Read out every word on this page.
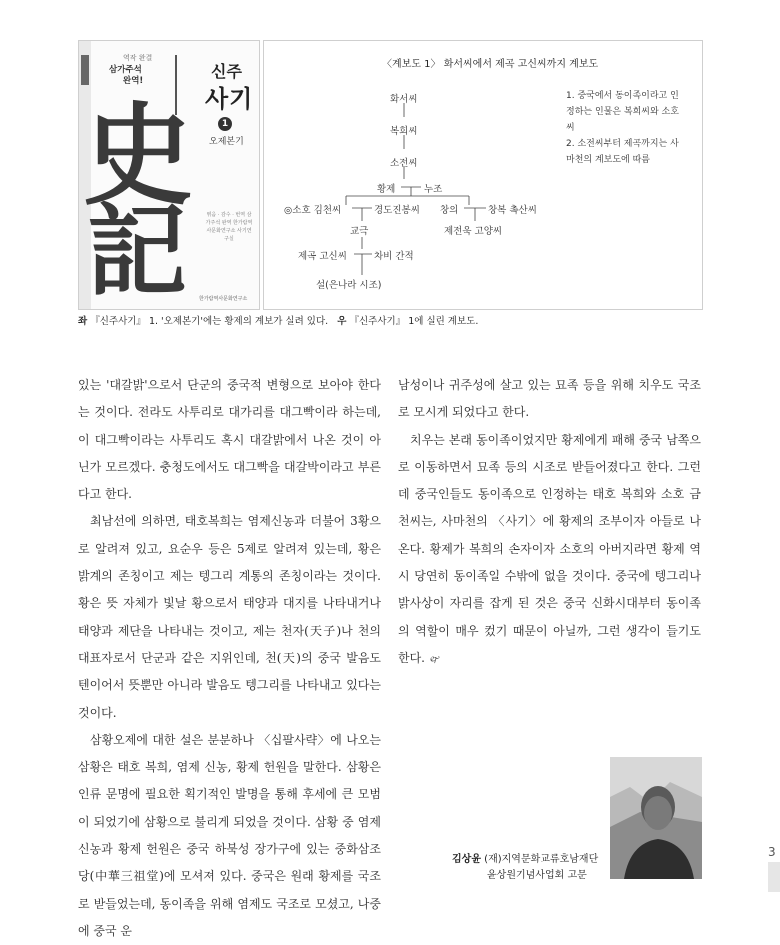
역작 완결
삼가주석
완역!	신주
사기
1
오제본기
史
記	엮음 · 감수 · 번역 삼가주석 완역 한가람역사문화연구소 사기연구실
한가람역사문화연구소
〈계보도 1〉 화서씨에서 제곡 고신씨까지 계보도
화서씨
복희씨
소전씨
황제	누조
◎소호 김천씨	경도진봉씨 창의	창복 촉산씨
교극	제전욱 고양씨
제곡 고신씨	차비 간적
설(은나라 시조)
1. 중국에서 동이족이라고 인정하는 인물은 복희씨와 소호씨
2. 소전씨부터 제곡까지는 사마천의 계보도에 따름
좌 『신주사기』 1. '오제본기'에는 황제의 계보가 실려 있다. 우 『신주사기』 1에 실린 계보도.

있는 '대갈밝'으로서 단군의 중국적 변형으로 보아야 한다는 것이다. 전라도 사투리로 대가리를 대그빡이라 하는데, 이 대그빡이라는 사투리도 혹시 대갈밝에서 나온 것이 아닌가 모르겠다. 충청도에서도 대그빡을 대갈박이라고 부른다고 한다.

최남선에 의하면, 태호복희는 염제신농과 더불어 3황으로 알려져 있고, 요순우 등은 5제로 알려져 있는데, 황은 밝계의 존칭이고 제는 텡그리 계통의 존칭이라는 것이다. 황은 뜻 자체가 빛날 황으로서 태양과 대지를 나타내거나 태양과 제단을 나타내는 것이고, 제는 천자(天子)나 천의 대표자로서 단군과 같은 지위인데, 천(天)의 중국 발음도 텐이어서 뜻뿐만 아니라 발음도 텡그리를 나타내고 있다는 것이다.

삼황오제에 대한 설은 분분하나 〈십팔사략〉에 나오는 삼황은 태호 복희, 염제 신농, 황제 헌원을 말한다. 삼황은 인류 문명에 필요한 획기적인 발명을 통해 후세에 큰 모범이 되었기에 삼황으로 불리게 되었을 것이다. 삼황 중 염제 신농과 황제 헌원은 중국 하북성 장가구에 있는 중화삼조당(中華三祖堂)에 모셔져 있다. 중국은 원래 황제를 국조로 받들었는데, 동이족을 위해 염제도 국조로 모셨고, 나중에 중국 운

남성이나 귀주성에 살고 있는 묘족 등을 위해 치우도 국조로 모시게 되었다고 한다.

치우는 본래 동이족이었지만 황제에게 패해 중국 남쪽으로 이동하면서 묘족 등의 시조로 받들어졌다고 한다. 그런데 중국인들도 동이족으로 인정하는 태호 복희와 소호 금천씨는, 사마천의 〈사기〉에 황제의 조부이자 아들로 나온다. 황제가 복희의 손자이자 소호의 아버지라면 황제 역시 당연히 동이족일 수밖에 없을 것이다. 중국에 텡그리나 밝사상이 자리를 잡게 된 것은 중국 신화시대부터 동이족의 역할이 매우 컸기 때문이 아닐까, 그런 생각이 들기도 한다. 🙰

김상윤 (재)지역문화교류호남재단
윤상원기념사업회 고문
3
